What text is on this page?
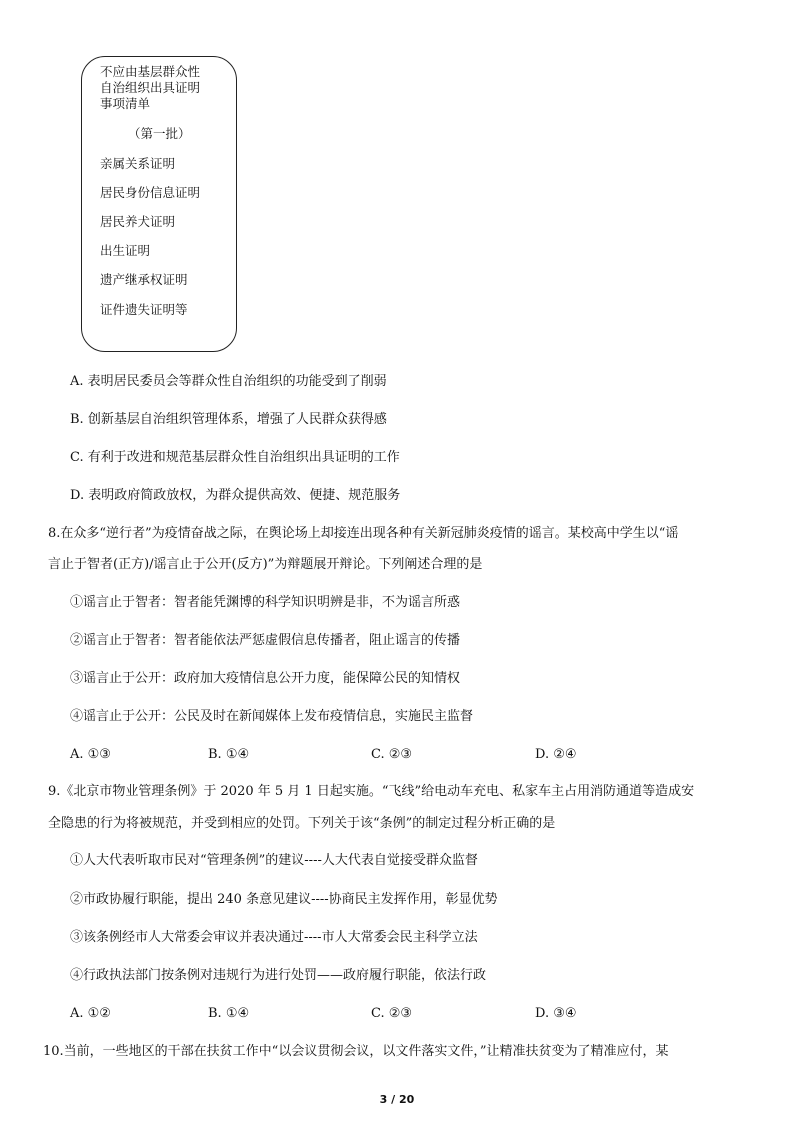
不应由基层群众性
自治组织出具证明
事项清单
（第一批）
亲属关系证明
居民身份信息证明
居民养犬证明
出生证明
遗产继承权证明
证件遗失证明等
A. 表明居民委员会等群众性自治组织的功能受到了削弱
B. 创新基层自治组织管理体系，增强了人民群众获得感
C. 有利于改进和规范基层群众性自治组织出具证明的工作
D. 表明政府简政放权，为群众提供高效、便捷、规范服务
8.在众多“逆行者”为疫情奋战之际，在舆论场上却接连出现各种有关新冠肺炎疫情的谣言。某校高中学生以“谣
言止于智者(正方)/谣言止于公开(反方)”为辩题展开辩论。下列阐述合理的是
①谣言止于智者：智者能凭渊博的科学知识明辨是非，不为谣言所惑
②谣言止于智者：智者能依法严惩虚假信息传播者，阻止谣言的传播
③谣言止于公开：政府加大疫情信息公开力度，能保障公民的知情权
④谣言止于公开：公民及时在新闻媒体上发布疫情信息，实施民主监督
A. ①③	B. ①④	C. ②③	D. ②④
9.《北京市物业管理条例》于 2020 年 5 月 1 日起实施。“飞线”给电动车充电、私家车主占用消防通道等造成安
全隐患的行为将被规范，并受到相应的处罚。下列关于该“条例”的制定过程分析正确的是
①人大代表听取市民对“管理条例”的建议----人大代表自觉接受群众监督
②市政协履行职能，提出 240 条意见建议----协商民主发挥作用，彰显优势
③该条例经市人大常委会审议并表决通过----市人大常委会民主科学立法
④行政执法部门按条例对违规行为进行处罚——政府履行职能，依法行政
A. ①②	B. ①④	C. ②③	D. ③④
10.当前，一些地区的干部在扶贫工作中“以会议贯彻会议，以文件落实文件，”让精准扶贫变为了精准应付，某
3 / 20
